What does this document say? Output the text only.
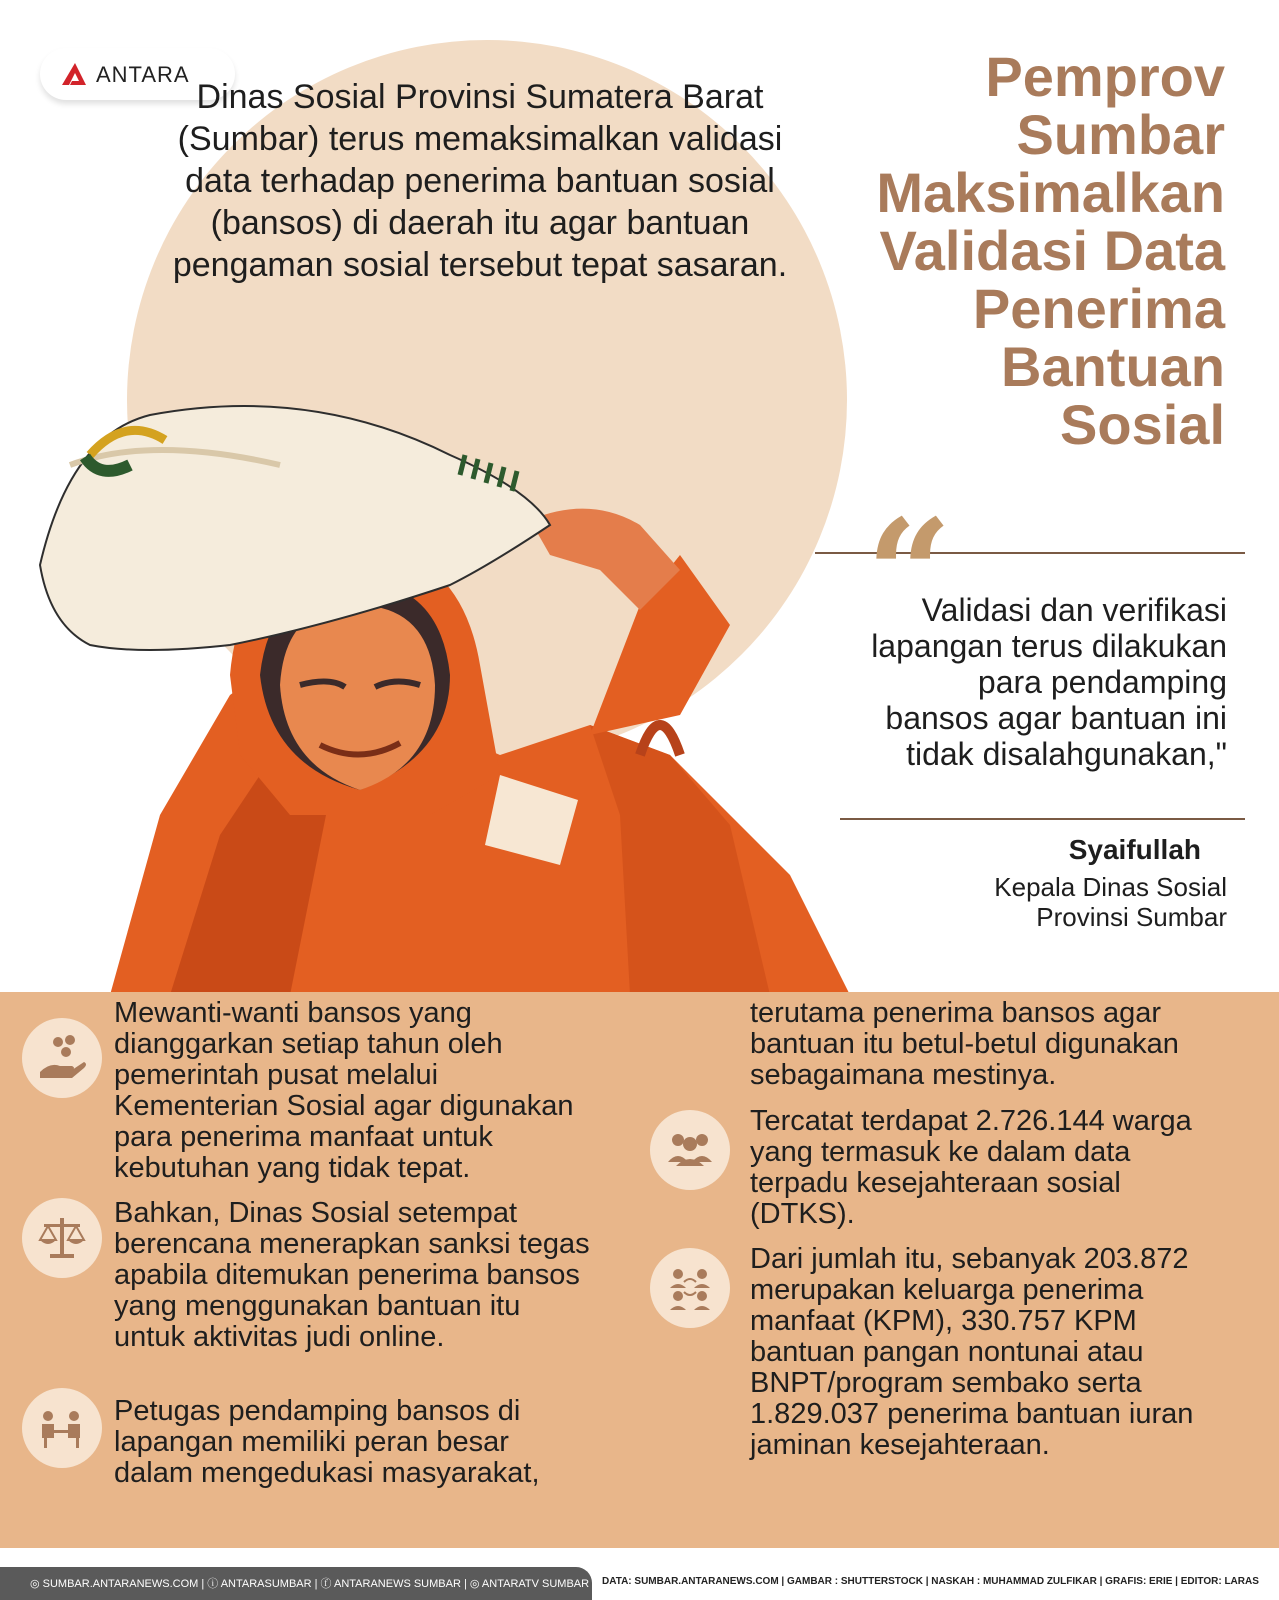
ANTARA
Dinas Sosial Provinsi Sumatera Barat (Sumbar) terus memaksimalkan validasi data terhadap penerima bantuan sosial (bansos) di daerah itu agar bantuan pengaman sosial tersebut tepat sasaran.
Pemprov
Sumbar
Maksimalkan
Validasi Data
Penerima
Bantuan
Sosial
“
Validasi dan verifikasi lapangan terus dilakukan para pendamping bansos agar bantuan ini tidak disalahgunakan,"
Syaifullah
Kepala Dinas Sosial
Provinsi Sumbar
Mewanti-wanti bansos yang dianggarkan setiap tahun oleh pemerintah pusat melalui Kementerian Sosial agar digunakan para penerima manfaat untuk kebutuhan yang tidak tepat.
Bahkan, Dinas Sosial setempat berencana menerapkan sanksi tegas apabila ditemukan penerima bansos yang menggunakan bantuan itu untuk aktivitas judi online.
Petugas pendamping bansos di lapangan memiliki peran besar dalam mengedukasi masyarakat,
terutama penerima bansos agar bantuan itu betul-betul digunakan sebagaimana mestinya.
Tercatat terdapat 2.726.144 warga yang termasuk ke dalam data terpadu kesejahteraan sosial (DTKS).
Dari jumlah itu, sebanyak 203.872 merupakan keluarga penerima manfaat (KPM), 330.757 KPM bantuan pangan nontunai atau BNPT/program sembako serta 1.829.037 penerima bantuan iuran jaminan kesejahteraan.
◎ SUMBAR.ANTARANEWS.COM | ⓘ ANTARASUMBAR | ⓕ ANTARANEWS SUMBAR | ◎ ANTARATV SUMBAR | ♪ Anterasumbar
DATA: SUMBAR.ANTARANEWS.COM | GAMBAR : SHUTTERSTOCK | NASKAH : MUHAMMAD ZULFIKAR | GRAFIS: ERIE | EDITOR: LARAS
